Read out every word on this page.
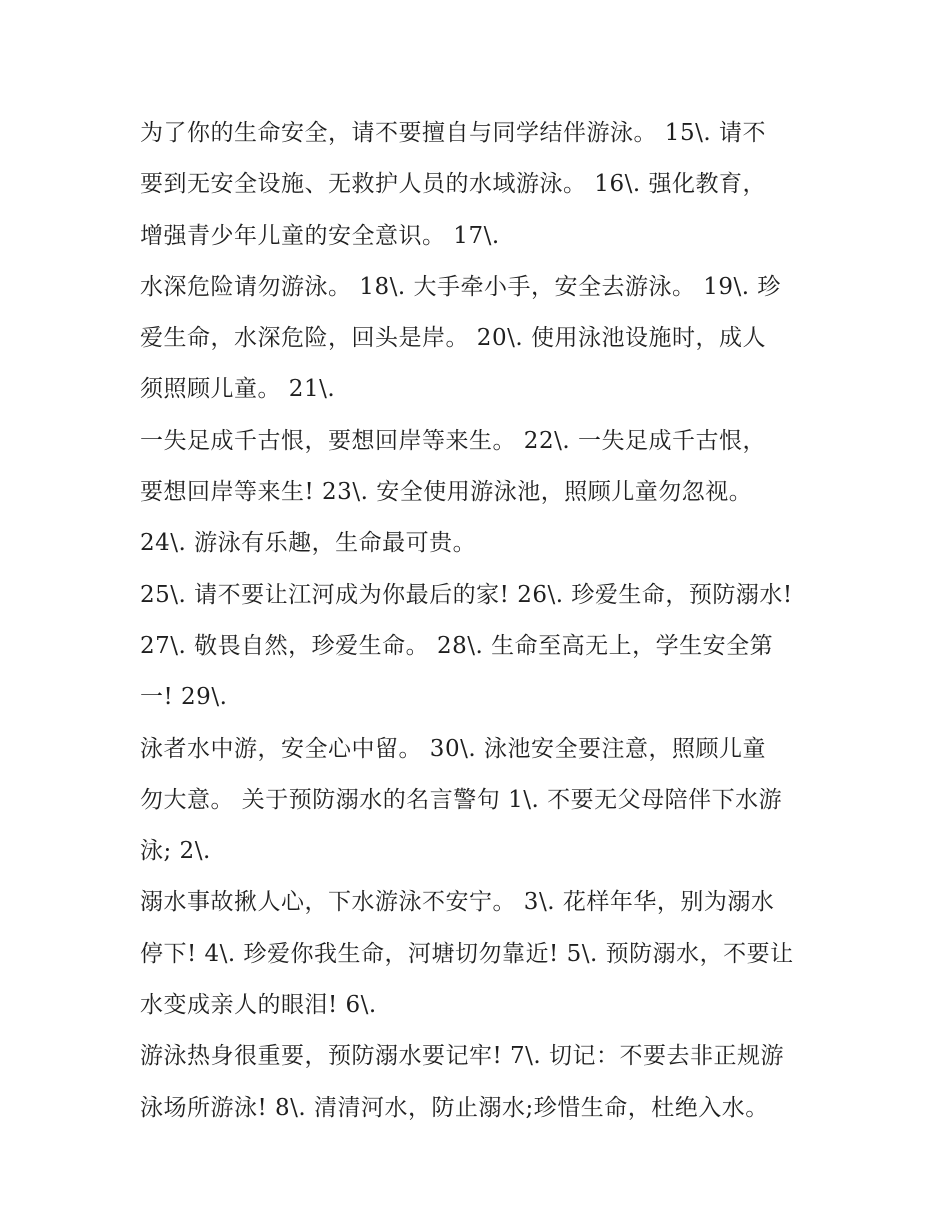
为了你的生命安全，请不要擅自与同学结伴游泳。 15\. 请不
要到无安全设施、无救护人员的水域游泳。 16\. 强化教育，
增强青少年儿童的安全意识。 17\.
水深危险请勿游泳。 18\. 大手牵小手，安全去游泳。 19\. 珍
爱生命，水深危险，回头是岸。 20\. 使用泳池设施时，成人
须照顾儿童。 21\.
一失足成千古恨，要想回岸等来生。 22\. 一失足成千古恨，
要想回岸等来生! 23\. 安全使用游泳池，照顾儿童勿忽视。
24\. 游泳有乐趣，生命最可贵。
25\. 请不要让江河成为你最后的家! 26\. 珍爱生命，预防溺水!
27\. 敬畏自然，珍爱生命。 28\. 生命至高无上，学生安全第
一! 29\.
泳者水中游，安全心中留。 30\. 泳池安全要注意，照顾儿童
勿大意。 关于预防溺水的名言警句 1\. 不要无父母陪伴下水游
泳; 2\.
溺水事故揪人心，下水游泳不安宁。 3\. 花样年华，别为溺水
停下! 4\. 珍爱你我生命，河塘切勿靠近! 5\. 预防溺水，不要让
水变成亲人的眼泪! 6\.
游泳热身很重要，预防溺水要记牢! 7\. 切记：不要去非正规游
泳场所游泳! 8\. 清清河水，防止溺水;珍惜生命，杜绝入水。
